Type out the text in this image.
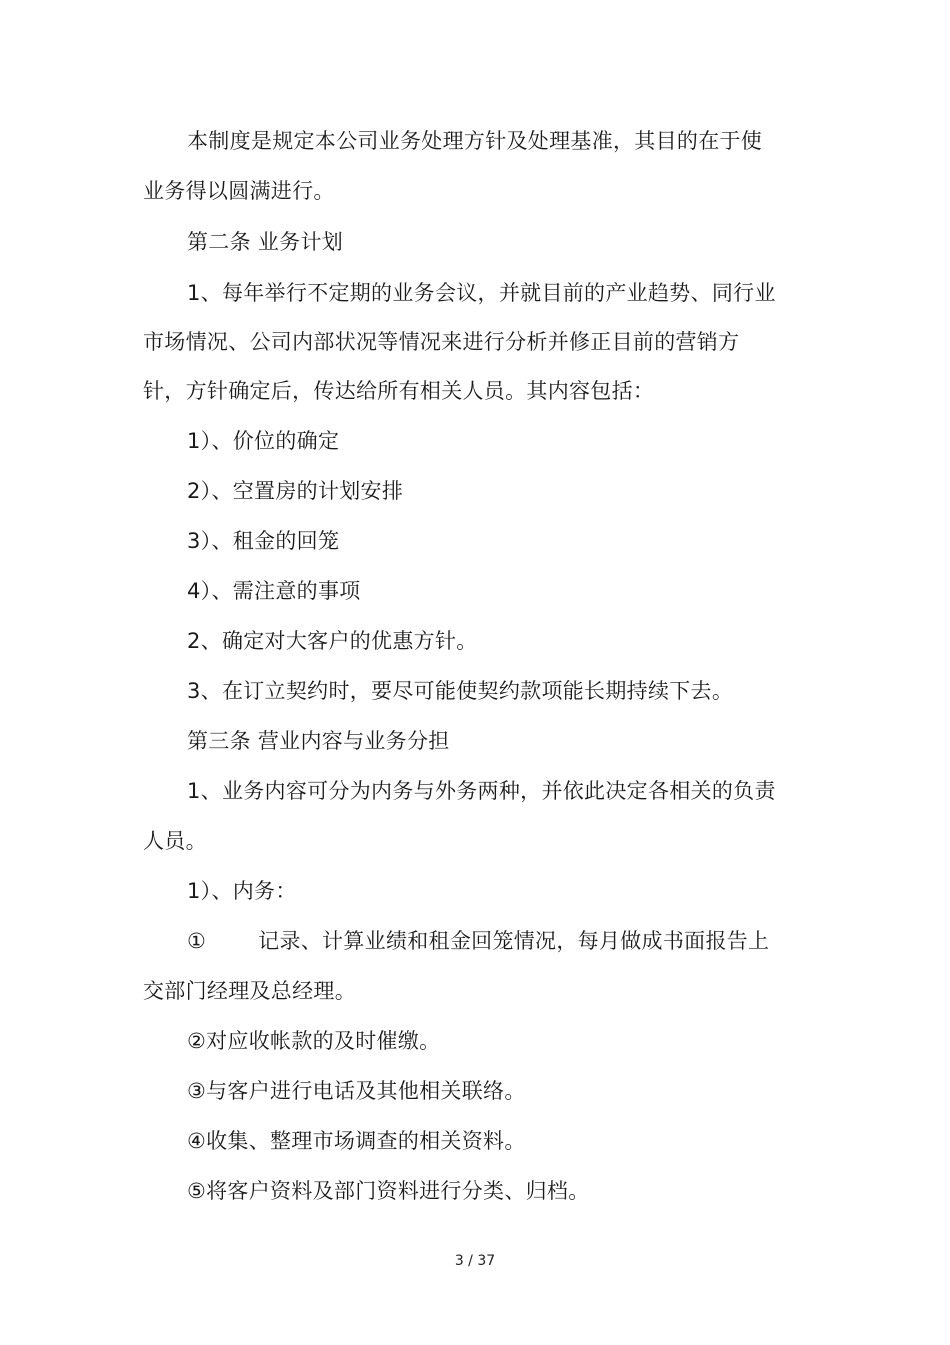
本制度是规定本公司业务处理方针及处理基准，其目的在于使
业务得以圆满进行。
第二条 业务计划
1、每年举行不定期的业务会议，并就目前的产业趋势、同行业
市场情况、公司内部状况等情况来进行分析并修正目前的营销方
针，方针确定后，传达给所有相关人员。其内容包括：
1）、价位的确定
2）、空置房的计划安排
3）、租金的回笼
4）、需注意的事项
2、确定对大客户的优惠方针。
3、在订立契约时，要尽可能使契约款项能长期持续下去。
第三条 营业内容与业务分担
1、业务内容可分为内务与外务两种，并依此决定各相关的负责
人员。
1）、内务：
① 记录、计算业绩和租金回笼情况，每月做成书面报告上
交部门经理及总经理。
②对应收帐款的及时催缴。
③与客户进行电话及其他相关联络。
④收集、整理市场调查的相关资料。
⑤将客户资料及部门资料进行分类、归档。
3 / 37
